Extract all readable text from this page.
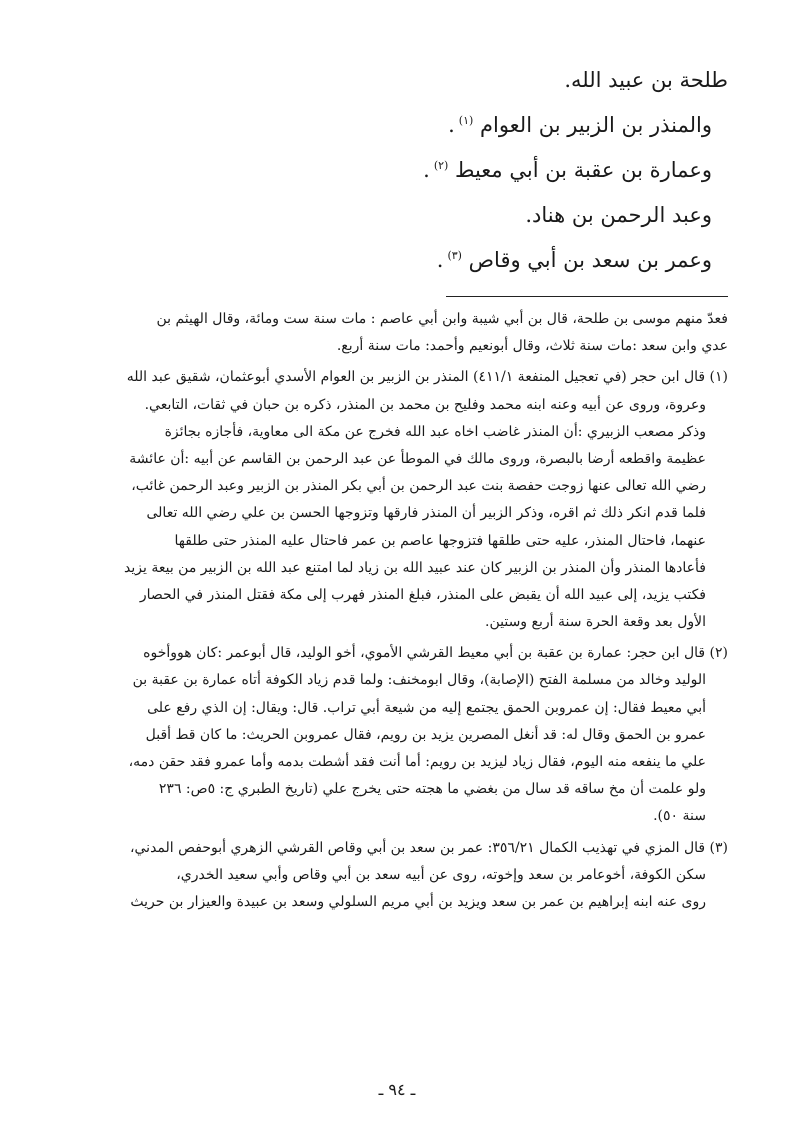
طلحة بن عبيد الله.
والمنذر بن الزبير بن العوام $^{(١)}$.
وعمارة بن عقبة بن أبي معيط $^{(٢)}$.
وعبد الرحمن بن هناد.
وعمر بن سعد بن أبي وقاص $^{(٣)}$.
فعدّ منهم موسى بن طلحة، قال بن أبي شيبة وابن أبي عاصم : مات سنة ست ومائة، وقال الهيثم بن
عدي وابن سعد :مات سنة ثلاث، وقال أبونعيم وأحمد: مات سنة أربع.
(١) قال ابن حجر (في تعجيل المنفعة ٤١١/١) المنذر بن الزبير بن العوام الأسدي أبوعثمان، شقيق عبد الله
وعروة، وروى عن أبيه وعنه ابنه محمد وفليح بن محمد بن المنذر، ذكره بن حبان في ثقات، التابعي.
وذكر مصعب الزبيري :أن المنذر غاضب اخاه عبد الله فخرج عن مكة الى معاوية، فأجازه بجائزة
عظيمة واقطعه أرضا بالبصرة، وروى مالك في الموطأ عن عبد الرحمن بن القاسم عن أبيه :أن عائشة
رضي الله تعالى عنها زوجت حفصة بنت عبد الرحمن بن أبي بكر المنذر بن الزبير وعبد الرحمن غائب،
فلما قدم انكر ذلك ثم اقره، وذكر الزبير أن المنذر فارقها وتزوجها الحسن بن علي رضي الله تعالى
عنهما، فاحتال المنذر، عليه حتى طلقها فتزوجها عاصم بن عمر فاحتال عليه المنذر حتى طلقها
فأعادها المنذر وأن المنذر بن الزبير كان عند عبيد الله بن زياد لما امتنع عبد الله بن الزبير من بيعة يزيد
فكتب يزيد، إلى عبيد الله أن يقبض على المنذر، فبلغ المنذر فهرب إلى مكة فقتل المنذر في الحصار
الأول بعد وقعة الحرة سنة أربع وستين.
(٢) قال ابن حجر: عمارة بن عقبة بن أبي معيط القرشي الأموي، أخو الوليد، قال أبوعمر :كان هووأخوه
الوليد وخالد من مسلمة الفتح (الإصابة)، وقال ابومخنف: ولما قدم زياد الكوفة أتاه عمارة بن عقبة بن
أبي معيط فقال: إن عمروبن الحمق يجتمع إليه من شيعة أبي تراب. قال: ويقال: إن الذي رفع على
عمرو بن الحمق وقال له: قد أنغل المصرين يزيد بن رويم، فقال عمروبن الحريث: ما كان قط أقبل
علي ما ينفعه منه اليوم، فقال زياد ليزيد بن رويم: أما أنت فقد أشطت بدمه وأما عمرو فقد حقن دمه،
ولو علمت أن مخ ساقه قد سال من بغضي ما هجته حتى يخرج علي (تاريخ الطبري ج: ٥ص: ٢٣٦
سنة ٥٠).
(٣) قال المزي في تهذيب الكمال ٣٥٦/٢١: عمر بن سعد بن أبي وقاص القرشي الزهري أبوحفص المدني،
سكن الكوفة، أخوعامر بن سعد وإخوته، روى عن أبيه سعد بن أبي وقاص وأبي سعيد الخدري،
روى عنه ابنه إبراهيم بن عمر بن سعد ويزيد بن أبي مريم السلولي وسعد بن عبيدة والعيزار بن حريث
ـ ٩٤ ـ
